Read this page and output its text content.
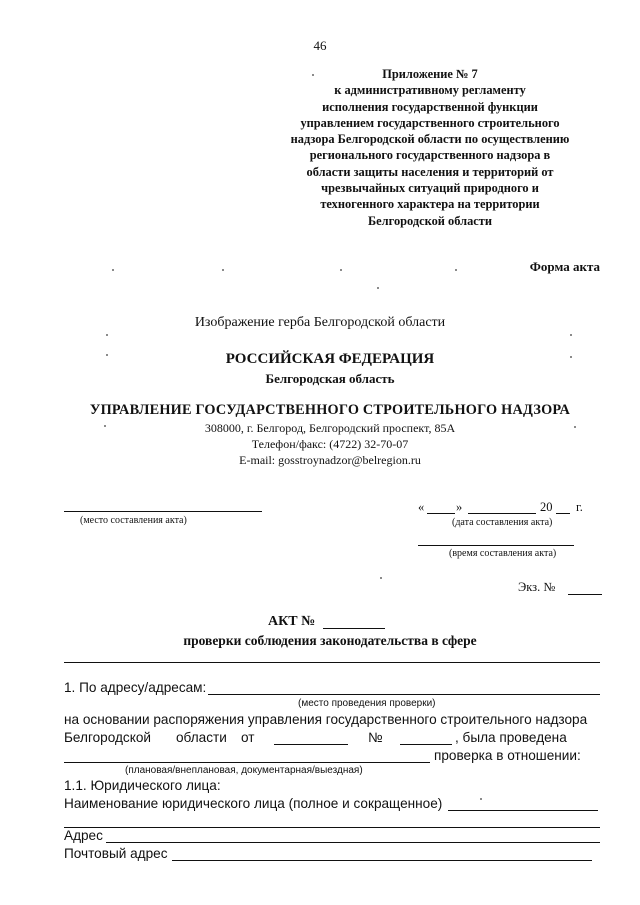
46
Приложение № 7
к административному регламенту
исполнения государственной функции
управлением государственного строительного
надзора Белгородской области по осуществлению
регионального государственного надзора в
области защиты населения и территорий от
чрезвычайных ситуаций природного и
техногенного характера на территории
Белгородской области
Форма акта
Изображение герба Белгородской области
РОССИЙСКАЯ ФЕДЕРАЦИЯ
Белгородская область
УПРАВЛЕНИЕ ГОСУДАРСТВЕННОГО СТРОИТЕЛЬНОГО НАДЗОРА
308000, г. Белгород, Белгородский проспект, 85А
Телефон/факс: (4722) 32-70-07
E-mail: gosstroynadzor@belregion.ru
(место составления акта)
«	»	20 г.
(дата составления акта)
(время составления акта)
Экз. №
АКТ №
проверки соблюдения законодательства в сфере
1. По адресу/адресам:
(место проведения проверки)
на основании распоряжения управления государственного строительного надзора
Белгородской области от	№	, была проведена
проверка в отношении:
(плановая/внеплановая, документарная/выездная)
1.1. Юридического лица:
Наименование юридического лица (полное и сокращенное)
Адрес
Почтовый адрес
